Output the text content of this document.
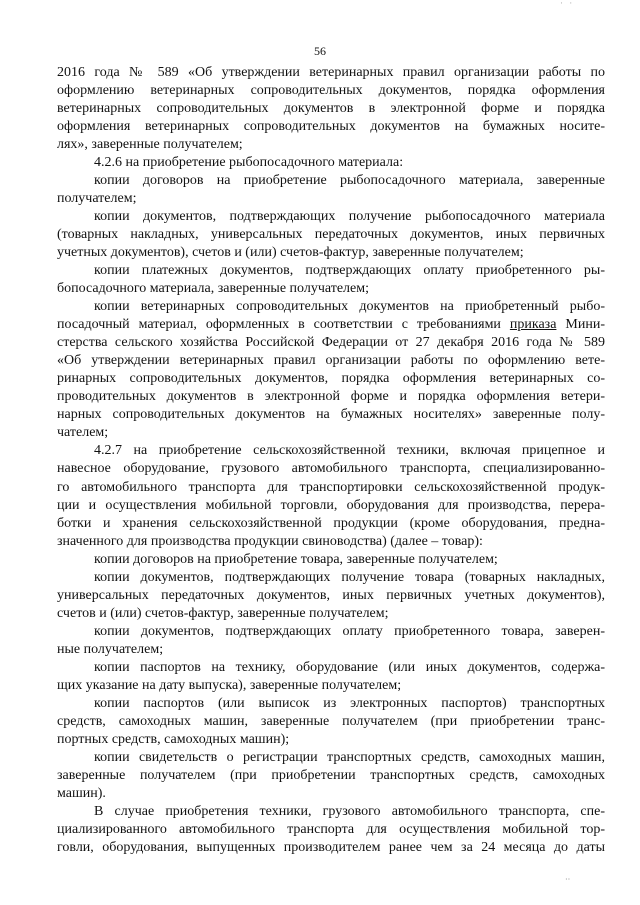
· ·
56
2016 года № 589 «Об утверждении ветеринарных правил организации работы по
оформлению ветеринарных сопроводительных документов, порядка оформления
ветеринарных сопроводительных документов в электронной форме и порядка
оформления ветеринарных сопроводительных документов на бумажных носите-
лях», заверенные получателем;
4.2.6 на приобретение рыбопосадочного материала:
копии договоров на приобретение рыбопосадочного материала, заверенные
получателем;
копии документов, подтверждающих получение рыбопосадочного материала
(товарных накладных, универсальных передаточных документов, иных первичных
учетных документов), счетов и (или) счетов-фактур, заверенные получателем;
копии платежных документов, подтверждающих оплату приобретенного ры-
бопосадочного материала, заверенные получателем;
копии ветеринарных сопроводительных документов на приобретенный рыбо-
посадочный материал, оформленных в соответствии с требованиями приказа Мини-
стерства сельского хозяйства Российской Федерации от 27 декабря 2016 года № 589
«Об утверждении ветеринарных правил организации работы по оформлению вете-
ринарных сопроводительных документов, порядка оформления ветеринарных со-
проводительных документов в электронной форме и порядка оформления ветери-
нарных сопроводительных документов на бумажных носителях» заверенные полу-
чателем;
4.2.7 на приобретение сельскохозяйственной техники, включая прицепное и
навесное оборудование, грузового автомобильного транспорта, специализированно-
го автомобильного транспорта для транспортировки сельскохозяйственной продук-
ции и осуществления мобильной торговли, оборудования для производства, перера-
ботки и хранения сельскохозяйственной продукции (кроме оборудования, предна-
значенного для производства продукции свиноводства) (далее – товар):
копии договоров на приобретение товара, заверенные получателем;
копии документов, подтверждающих получение товара (товарных накладных,
универсальных передаточных документов, иных первичных учетных документов),
счетов и (или) счетов-фактур, заверенные получателем;
копии документов, подтверждающих оплату приобретенного товара, заверен-
ные получателем;
копии паспортов на технику, оборудование (или иных документов, содержа-
щих указание на дату выпуска), заверенные получателем;
копии паспортов (или выписок из электронных паспортов) транспортных
средств, самоходных машин, заверенные получателем (при приобретении транс-
портных средств, самоходных машин);
копии свидетельств о регистрации транспортных средств, самоходных машин,
заверенные получателем (при приобретении транспортных средств, самоходных
машин).
В случае приобретения техники, грузового автомобильного транспорта, спе-
циализированного автомобильного транспорта для осуществления мобильной тор-
говли, оборудования, выпущенных производителем ранее чем за 24 месяца до даты
··
